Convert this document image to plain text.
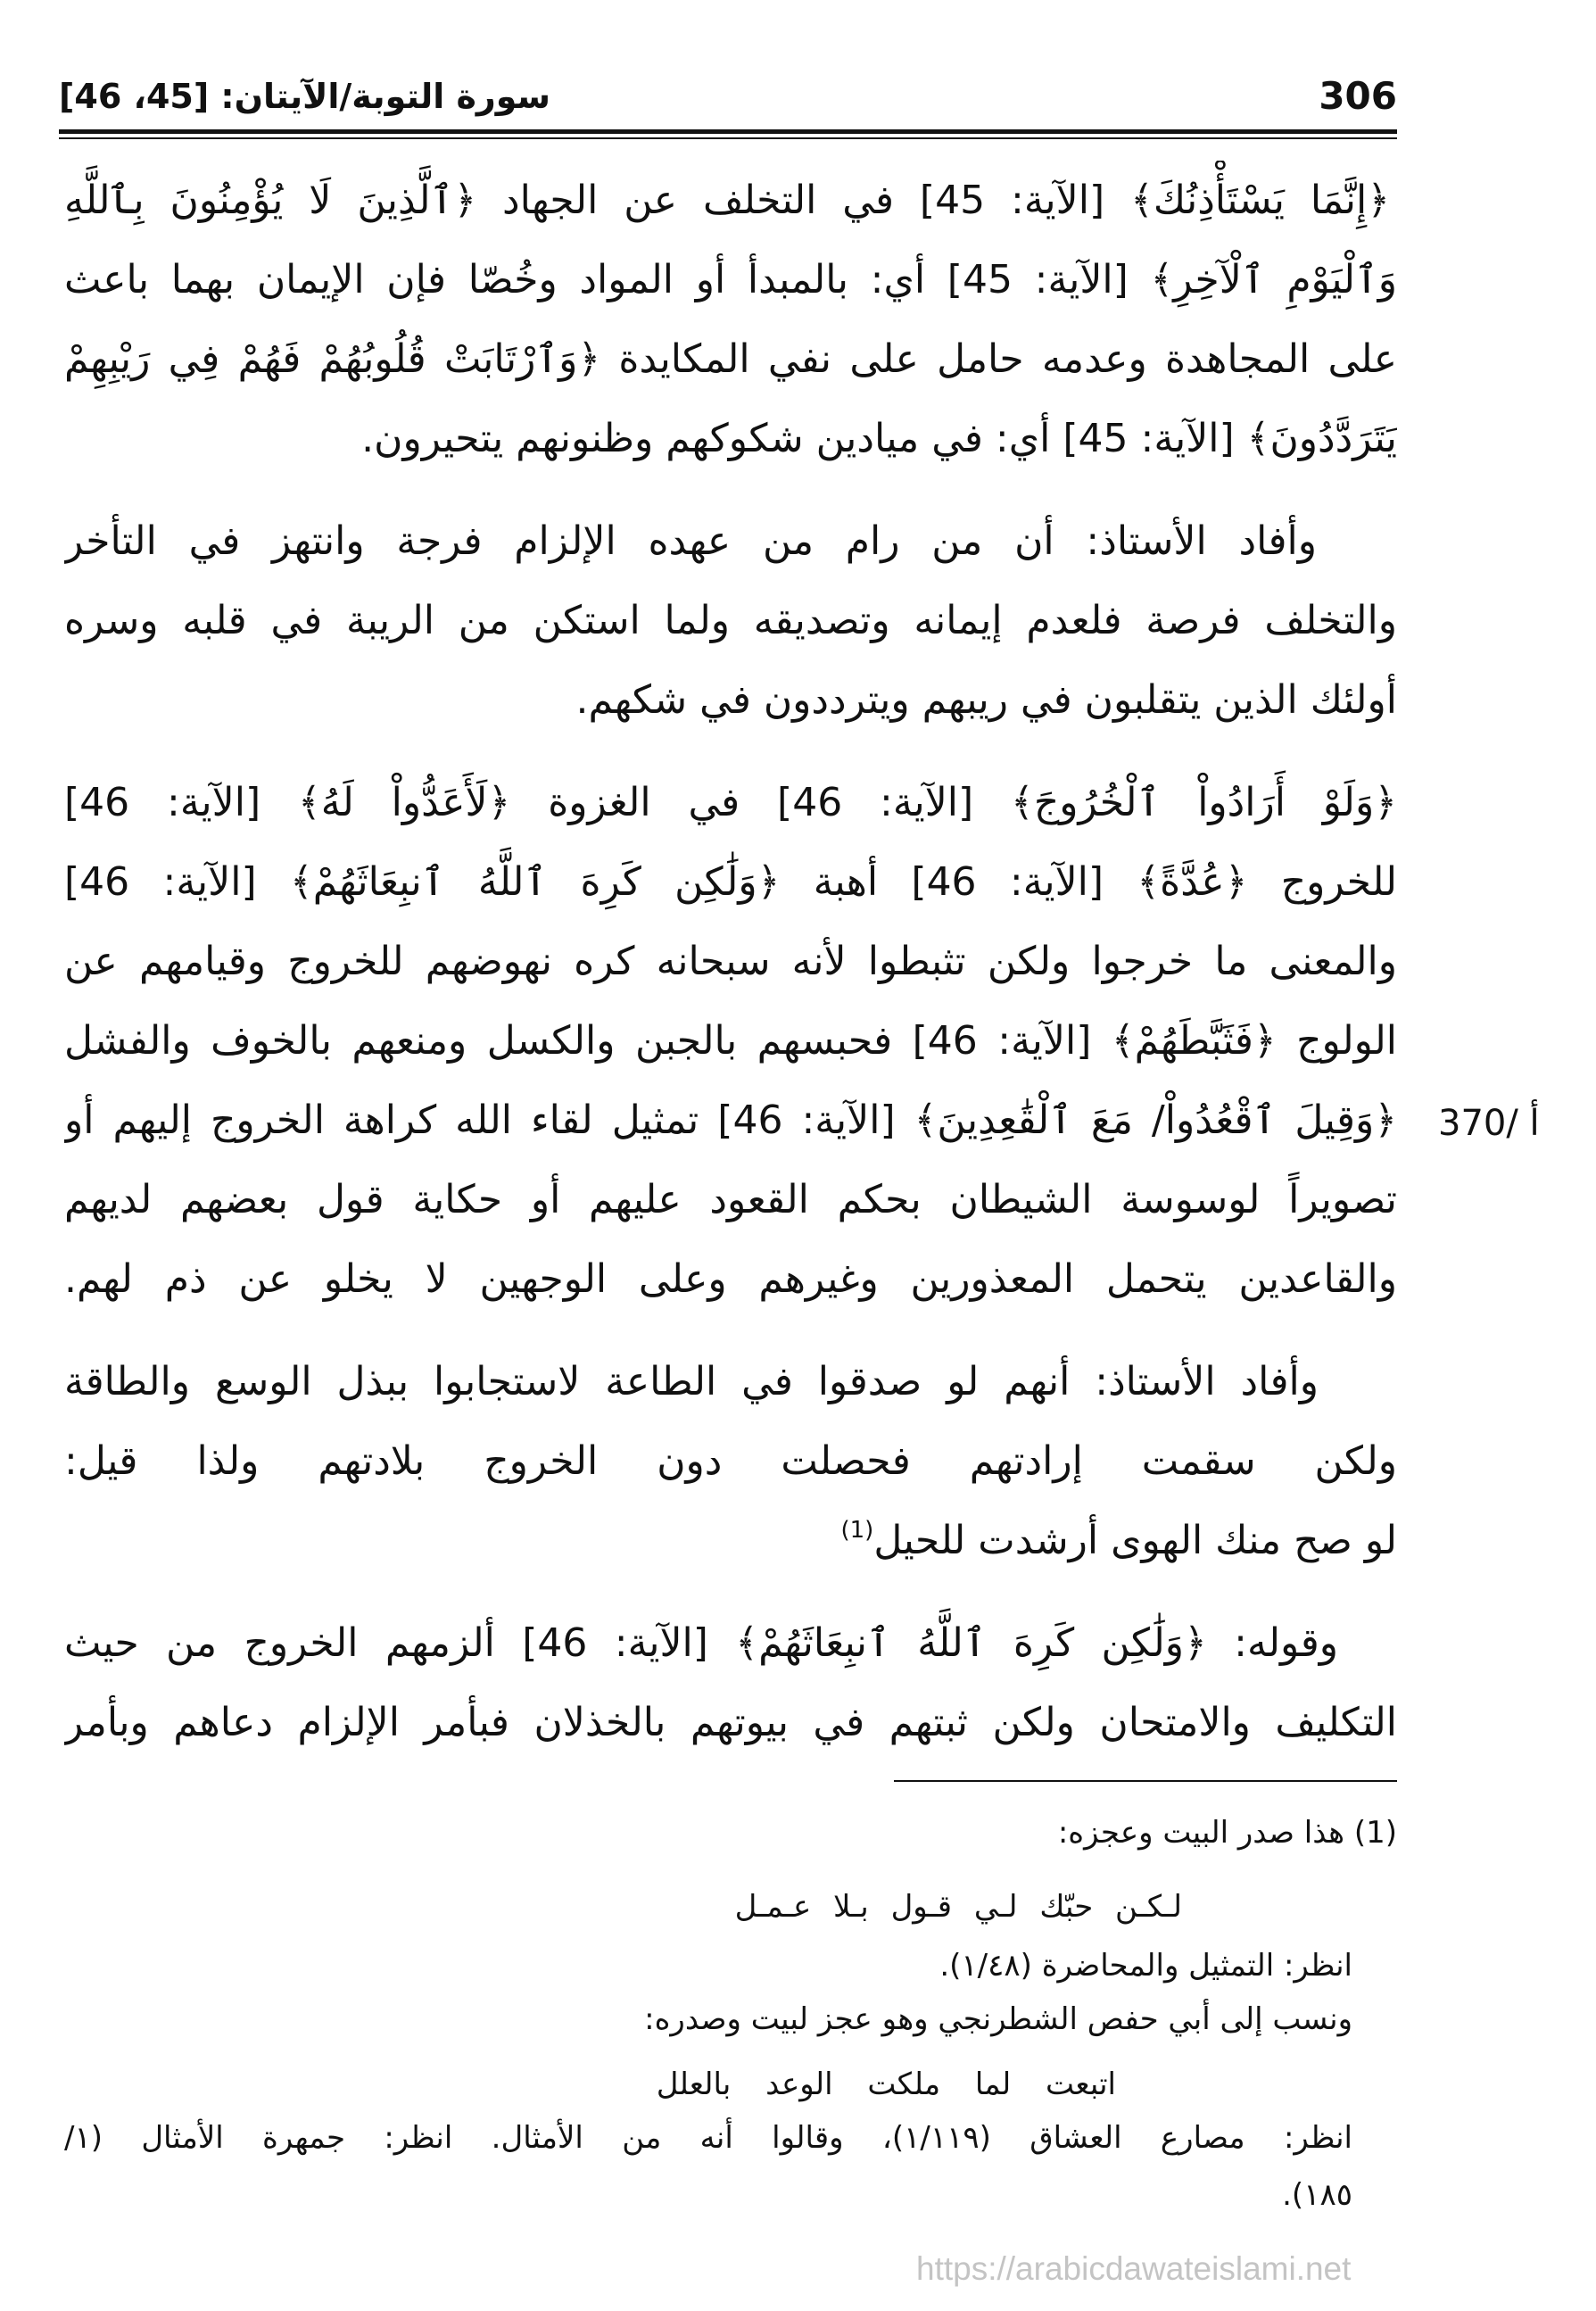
306
سورة التوبة/الآيتان: [45، 46]
﴿إِنَّمَا يَسْتَأْذِنُكَ﴾ [الآية: 45] في التخلف عن الجهاد ﴿ٱلَّذِينَ لَا يُؤْمِنُونَ بِٱللَّهِ
وَٱلْيَوْمِ ٱلْآخِرِ﴾ [الآية: 45] أي: بالمبدأ أو المواد وخُصّا فإن الإيمان بهما باعث
على المجاهدة وعدمه حامل على نفي المكايدة ﴿وَٱرْتَابَتْ قُلُوبُهُمْ فَهُمْ فِي رَيْبِهِمْ
يَتَرَدَّدُونَ﴾ [الآية: 45] أي: في ميادين شكوكهم وظنونهم يتحيرون.
وأفاد الأستاذ: أن من رام من عهده الإلزام فرجة وانتهز في التأخر
والتخلف فرصة فلعدم إيمانه وتصديقه ولما استكن من الريبة في قلبه وسره
أولئك الذين يتقلبون في ريبهم ويترددون في شكهم.
﴿وَلَوْ أَرَادُواْ ٱلْخُرُوجَ﴾ [الآية: 46] في الغزوة ﴿لَأَعَدُّواْ لَهُ﴾ [الآية: 46]
للخروج ﴿عُدَّةً﴾ [الآية: 46] أهبة ﴿وَلَٰكِن كَرِهَ ٱللَّهُ ٱنبِعَاثَهُمْ﴾ [الآية: 46]
والمعنى ما خرجوا ولكن تثبطوا لأنه سبحانه كره نهوضهم للخروج وقيامهم عن
الولوج ﴿فَثَبَّطَهُمْ﴾ [الآية: 46] فحبسهم بالجبن والكسل ومنعهم بالخوف والفشل
﴿وَقِيلَ ٱقْعُدُواْ/ مَعَ ٱلْقَٰعِدِينَ﴾ [الآية: 46] تمثيل لقاء الله كراهة الخروج إليهم أو
تصويراً لوسوسة الشيطان بحكم القعود عليهم أو حكاية قول بعضهم لديهم
والقاعدين يتحمل المعذورين وغيرهم وعلى الوجهين لا يخلو عن ذم لهم.
وأفاد الأستاذ: أنهم لو صدقوا في الطاعة لاستجابوا ببذل الوسع والطاقة
ولكن سقمت إرادتهم فحصلت دون الخروج بلادتهم ولذا قيل:
لو صح منك الهوى أرشدت للحيل$^{(1)}$
وقوله: ﴿وَلَٰكِن كَرِهَ ٱللَّهُ ٱنبِعَاثَهُمْ﴾ [الآية: 46] ألزمهم الخروج من حيث
التكليف والامتحان ولكن ثبتهم في بيوتهم بالخذلان فبأمر الإلزام دعاهم وبأمر
370/ أ
(1) هذا صدر البيت وعجزه:
لـكـن حبّك لـي قـول بـلا عـمـل
انظر: التمثيل والمحاضرة (١/٤٨).
ونسب إلى أبي حفص الشطرنجي وهو عجز لبيت وصدره:
اتبعت لما ملكت الوعد بالعلل
انظر: مصارع العشاق (١/١١٩)، وقالوا أنه من الأمثال. انظر: جمهرة الأمثال (١/
١٨٥).
https://arabicdawateislami.net
